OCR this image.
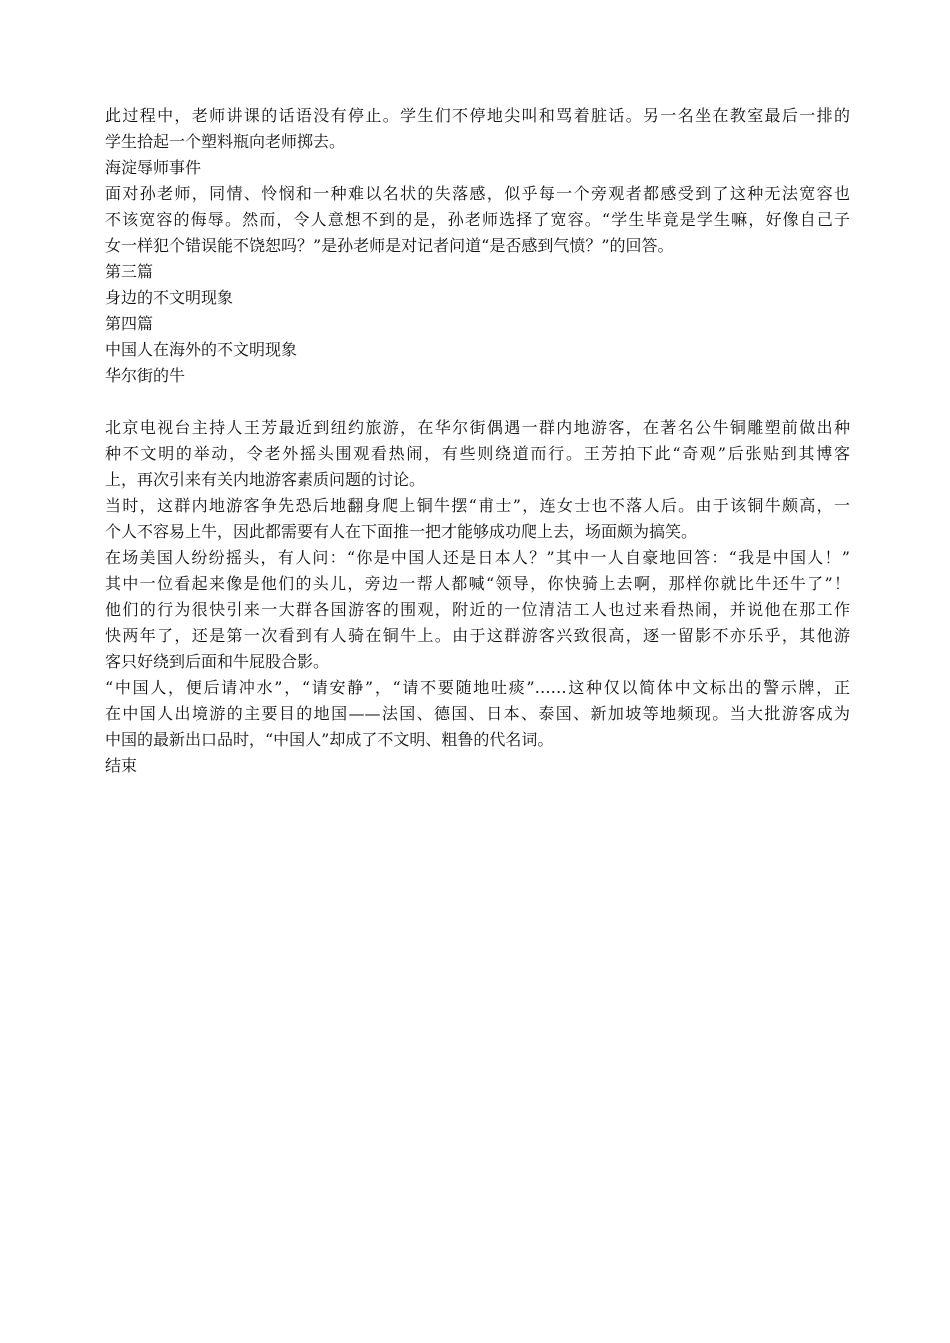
此过程中，老师讲课的话语没有停止。学生们不停地尖叫和骂着脏话。另一名坐在教室最后一排的
学生拾起一个塑料瓶向老师掷去。
海淀辱师事件
面对孙老师，同情、怜悯和一种难以名状的失落感，似乎每一个旁观者都感受到了这种无法宽容也
不该宽容的侮辱。然而，令人意想不到的是，孙老师选择了宽容。“学生毕竟是学生嘛，好像自己子
女一样犯个错误能不饶恕吗？”是孙老师是对记者问道“是否感到气愤？”的回答。
第三篇
身边的不文明现象
第四篇
中国人在海外的不文明现象
华尔街的牛
北京电视台主持人王芳最近到纽约旅游，在华尔街偶遇一群内地游客，在著名公牛铜雕塑前做出种
种不文明的举动，令老外摇头围观看热闹，有些则绕道而行。王芳拍下此“奇观”后张贴到其博客
上，再次引来有关内地游客素质问题的讨论。
当时，这群内地游客争先恐后地翻身爬上铜牛摆“甫士”，连女士也不落人后。由于该铜牛颇高，一
个人不容易上牛，因此都需要有人在下面推一把才能够成功爬上去，场面颇为搞笑。
在场美国人纷纷摇头，有人问：“你是中国人还是日本人？”其中一人自豪地回答：“我是中国人！”
其中一位看起来像是他们的头儿，旁边一帮人都喊“领导，你快骑上去啊，那样你就比牛还牛了”！
他们的行为很快引来一大群各国游客的围观，附近的一位清洁工人也过来看热闹，并说他在那工作
快两年了，还是第一次看到有人骑在铜牛上。由于这群游客兴致很高，逐一留影不亦乐乎，其他游
客只好绕到后面和牛屁股合影。
“中国人，便后请冲水”，“请安静”，“请不要随地吐痰”……这种仅以简体中文标出的警示牌，正
在中国人出境游的主要目的地国——法国、德国、日本、泰国、新加坡等地频现。当大批游客成为
中国的最新出口品时，“中国人”却成了不文明、粗鲁的代名词。
结束
